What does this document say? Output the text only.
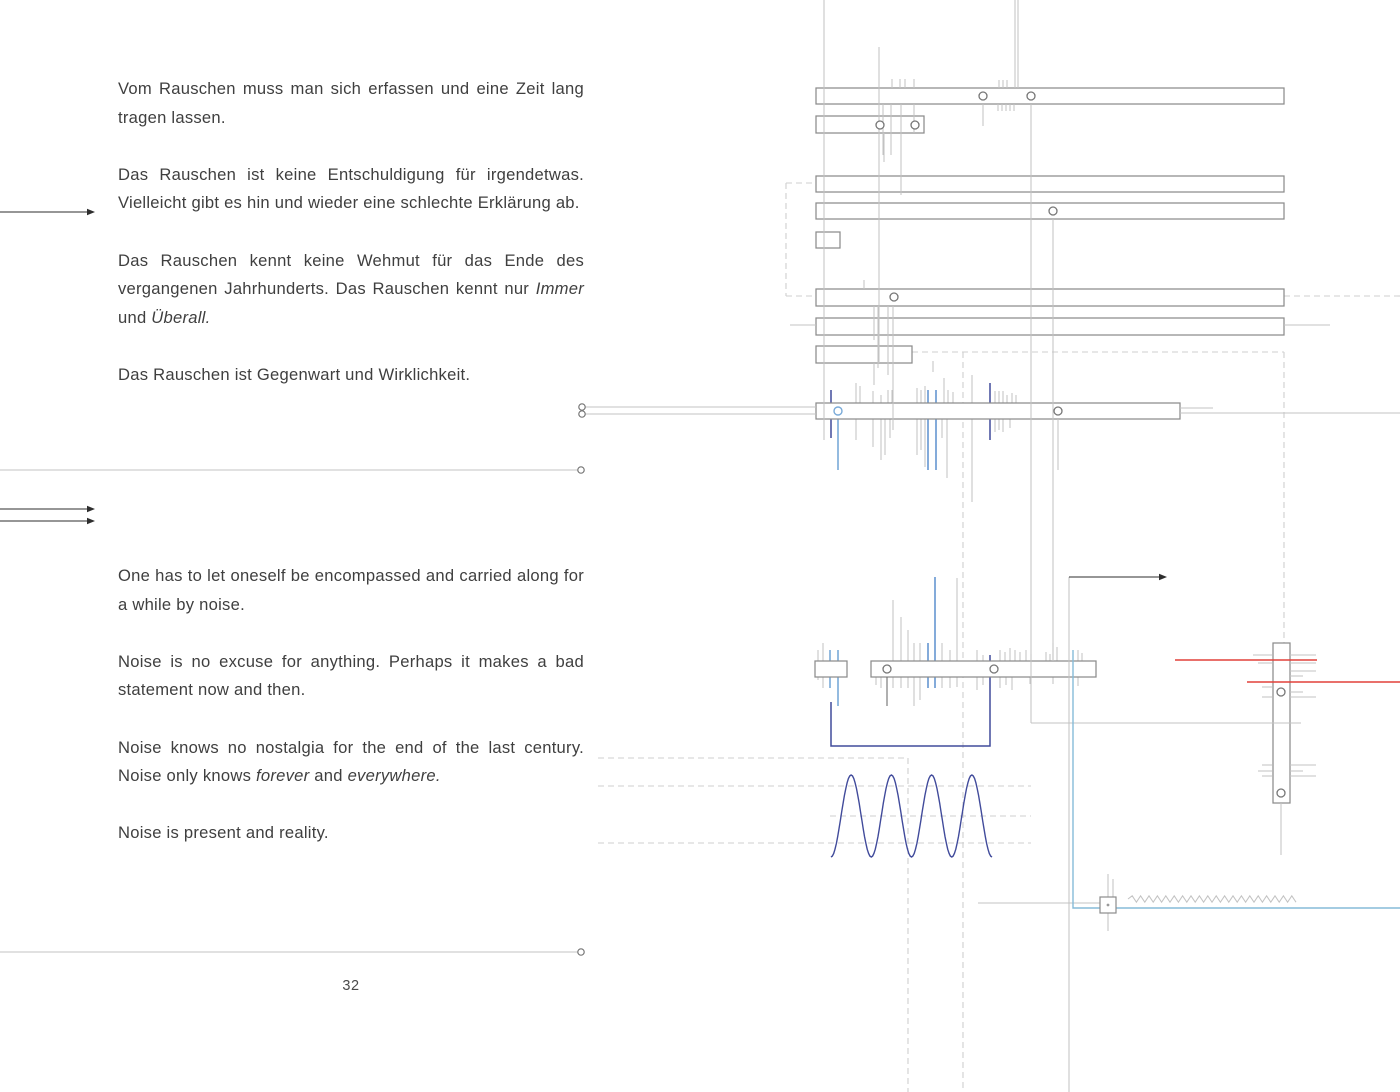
Vom Rauschen muss man sich erfassen und eine Zeit lang tragen lassen.

Das Rauschen ist keine Entschuldigung für irgendetwas. Vielleicht gibt es hin und wieder eine schlechte Erklärung ab.

Das Rauschen kennt keine Wehmut für das Ende des vergangenen Jahrhunderts. Das Rauschen kennt nur Immer und Überall.

Das Rauschen ist Gegenwart und Wirklichkeit.

One has to let oneself be encompassed and carried along for a while by noise.

Noise is no excuse for anything. Perhaps it makes a bad statement now and then.

Noise knows no nostalgia for the end of the last century. Noise only knows forever and everywhere.

Noise is present and reality.

32
